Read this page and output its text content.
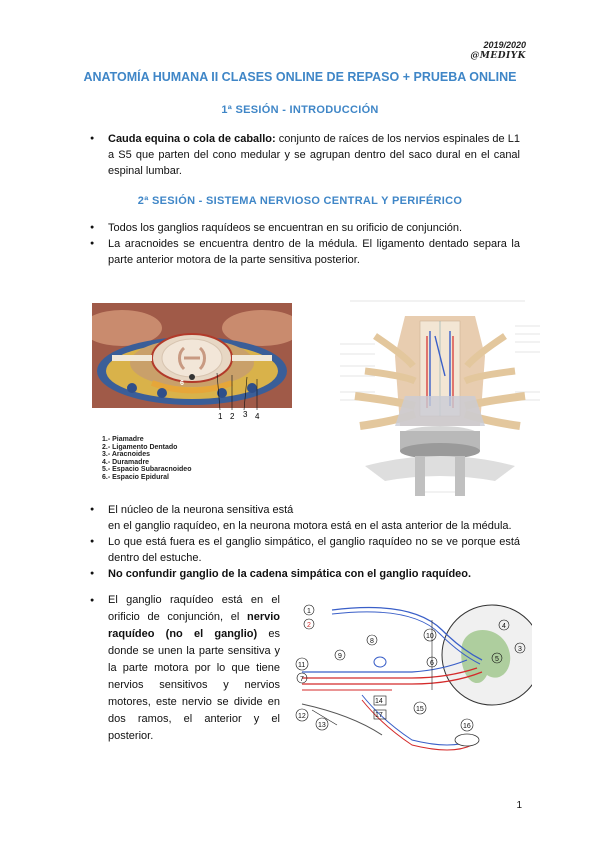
2019/2020
@MEDIYK
ANATOMÍA HUMANA II CLASES ONLINE DE REPASO + PRUEBA ONLINE
1ª SESIÓN - INTRODUCCIÓN
● Cauda equina o cola de caballo: conjunto de raíces de los nervios espinales de L1 a S5 que parten del cono medular y se agrupan dentro del saco dural en el canal espinal lumbar.
2ª SESIÓN - SISTEMA NERVIOSO CENTRAL Y PERIFÉRICO
● Todos los ganglios raquídeos se encuentran en su orificio de conjunción.
● La aracnoides se encuentra dentro de la médula. El ligamento dentado separa la parte anterior motora de la parte sensitiva posterior.
6
1 2 3 4
1.- Piamadre
2.- Ligamento Dentado
3.- Aracnoides
4.- Duramadre
5.- Espacio Subaracnoideo
6.- Espacio Epidural
● El núcleo de la neurona sensitiva está
en el ganglio raquídeo, en la neurona motora está en el asta anterior de la médula.
● Lo que está fuera es el ganglio simpático, el ganglio raquídeo no se ve porque está dentro del estuche.
● No confundir ganglio de la cadena simpática con el ganglio raquídeo.
● El ganglio raquídeo está en el orificio de conjunción, el nervio raquídeo (no el ganglio) es donde se unen la parte sensitiva y la parte motora por lo que tiene nervios sensitivos y nervios motores, este nervio se divide en dos ramos, el anterior y el posterior.
1
2
3
4
5
6
7
8
9
10
11
12
13
14
15
16
17
1
